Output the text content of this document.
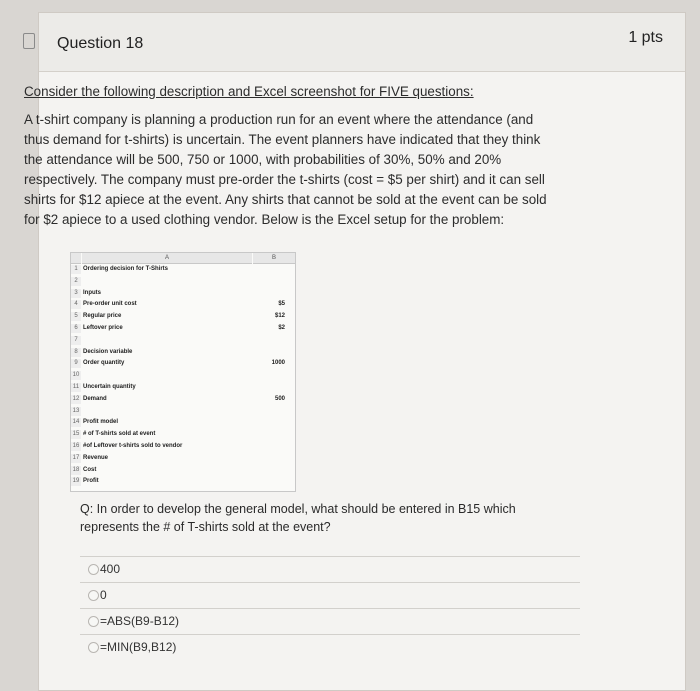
Question 18	1 pts

Consider the following description and Excel screenshot for FIVE questions:

A t-shirt company is planning a production run for an event where the attendance (and thus demand for t-shirts) is uncertain. The event planners have indicated that they think the attendance will be 500, 750 or 1000, with probabilities of 30%, 50% and 20% respectively. The company must pre-order the t-shirts (cost = $5 per shirt) and it can sell shirts for $12 apiece at the event. Any shirts that cannot be sold at the event can be sold for $2 apiece to a used clothing vendor. Below is the Excel setup for the problem:

A	B
1 Ordering decision for T-Shirts
2
3 Inputs
4 Pre-order unit cost	$5
5 Regular price	$12
6 Leftover price	$2
7
8 Decision variable
9 Order quantity	1000
10
11 Uncertain quantity
12 Demand	500
13
14 Profit model
15 # of T-shirts sold at event
16 #of Leftover t-shirts sold to vendor
17 Revenue
18 Cost
19 Profit
Q: In order to develop the general model, what should be entered in B15 which represents the # of T-shirts sold at the event?
400
0
=ABS(B9-B12)
=MIN(B9,B12)
